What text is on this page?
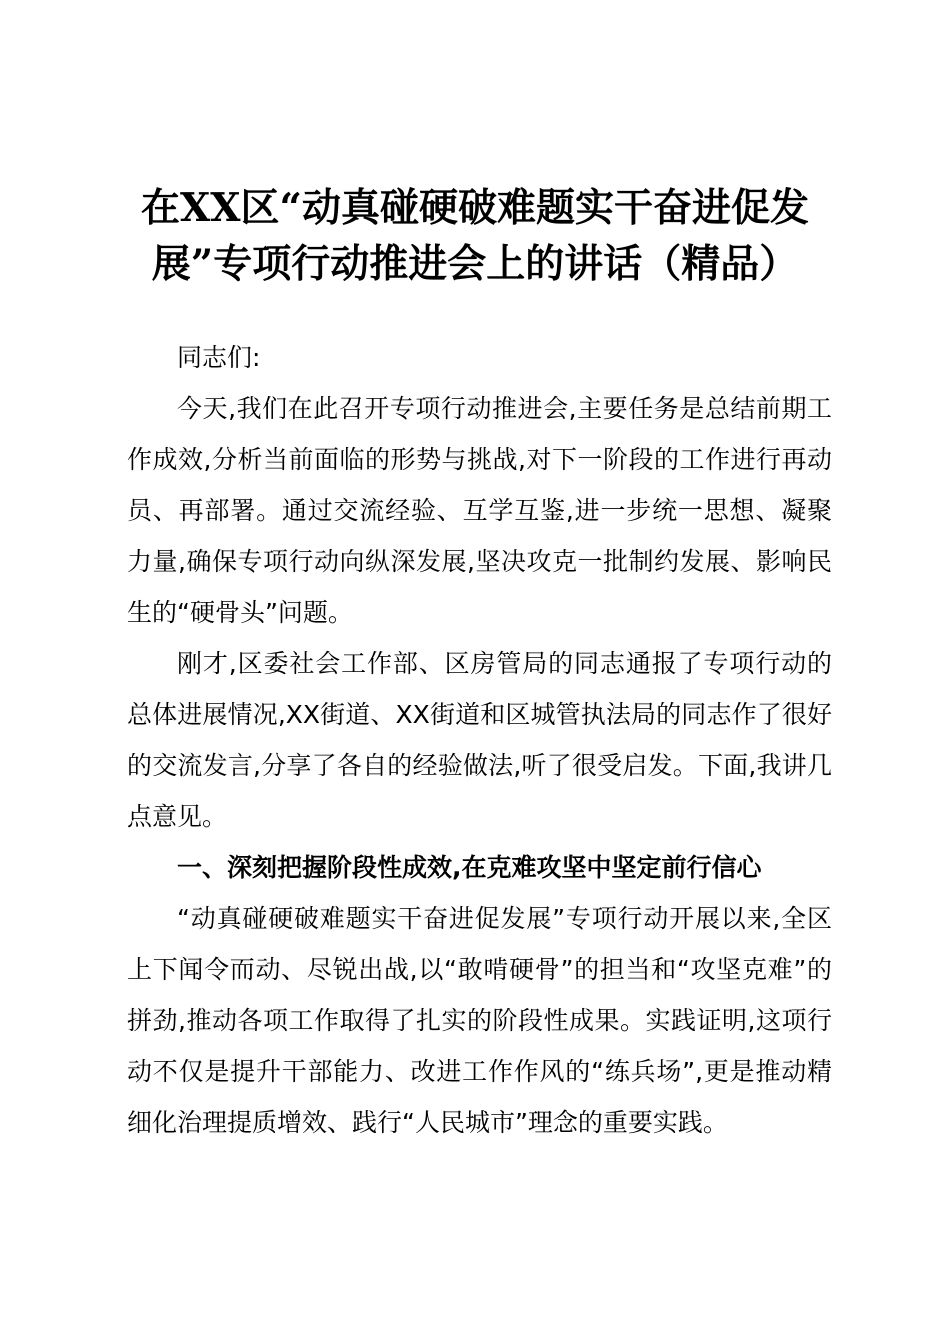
在XX区“动真碰硬破难题实干奋进促发展”专项行动推进会上的讲话（精品）

同志们:

今天,我们在此召开专项行动推进会,主要任务是总结前期工作成效,分析当前面临的形势与挑战,对下一阶段的工作进行再动员、再部署。通过交流经验、互学互鉴,进一步统一思想、凝聚力量,确保专项行动向纵深发展,坚决攻克一批制约发展、影响民生的“硬骨头”问题。

刚才,区委社会工作部、区房管局的同志通报了专项行动的总体进展情况,XX街道、XX街道和区城管执法局的同志作了很好的交流发言,分享了各自的经验做法,听了很受启发。下面,我讲几点意见。

一、深刻把握阶段性成效,在克难攻坚中坚定前行信心

“动真碰硬破难题实干奋进促发展”专项行动开展以来,全区上下闻令而动、尽锐出战,以“敢啃硬骨”的担当和“攻坚克难”的拼劲,推动各项工作取得了扎实的阶段性成果。实践证明,这项行动不仅是提升干部能力、改进工作作风的“练兵场”,更是推动精细化治理提质增效、践行“人民城市”理念的重要实践。
